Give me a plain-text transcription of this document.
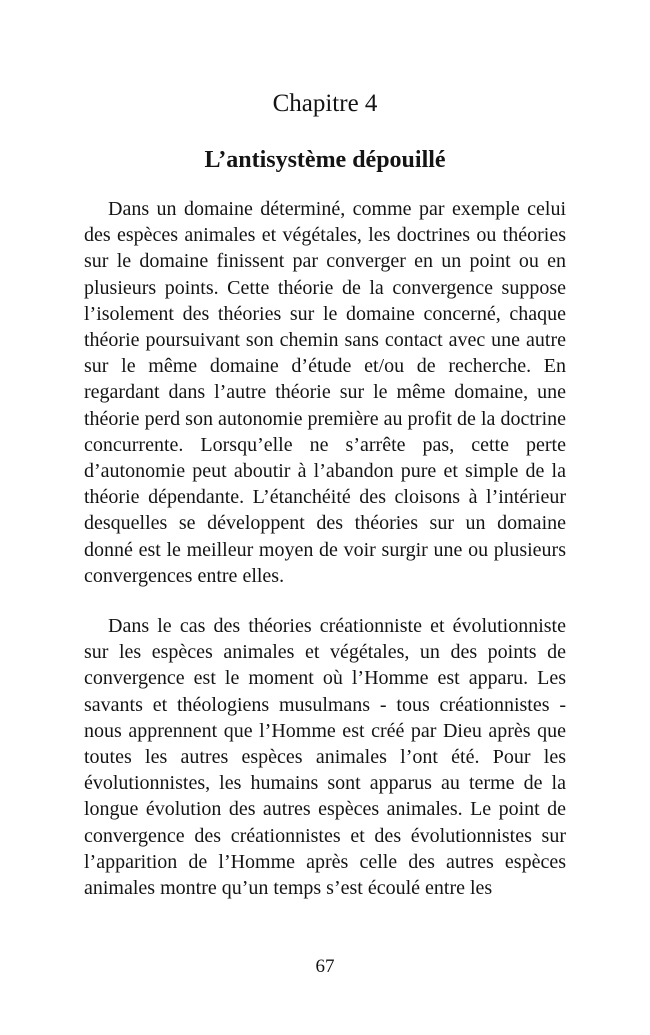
Chapitre 4
L’antisystème dépouillé

Dans un domaine déterminé, comme par exemple celui des espèces animales et végétales, les doctrines ou théories sur le domaine finissent par converger en un point ou en plusieurs points. Cette théorie de la convergence suppose l’isolement des théories sur le domaine concerné, chaque théorie poursuivant son chemin sans contact avec une autre sur le même domaine d’étude et/ou de recherche. En regardant dans l’autre théorie sur le même domaine, une théorie perd son autonomie première au profit de la doctrine concurrente. Lorsqu’elle ne s’arrête pas, cette perte d’autonomie peut aboutir à l’abandon pure et simple de la théorie dépendante. L’étanchéité des cloisons à l’intérieur desquelles se développent des théories sur un domaine donné est le meilleur moyen de voir surgir une ou plusieurs convergences entre elles.

Dans le cas des théories créationniste et évolutionniste sur les espèces animales et végétales, un des points de convergence est le moment où l’Homme est apparu. Les savants et théologiens musulmans - tous créationnistes - nous apprennent que l’Homme est créé par Dieu après que toutes les autres espèces animales l’ont été. Pour les évolutionnistes, les humains sont apparus au terme de la longue évolution des autres espèces animales. Le point de convergence des créationnistes et des évolutionnistes sur l’apparition de l’Homme après celle des autres espèces animales montre qu’un temps s’est écoulé entre les

67
